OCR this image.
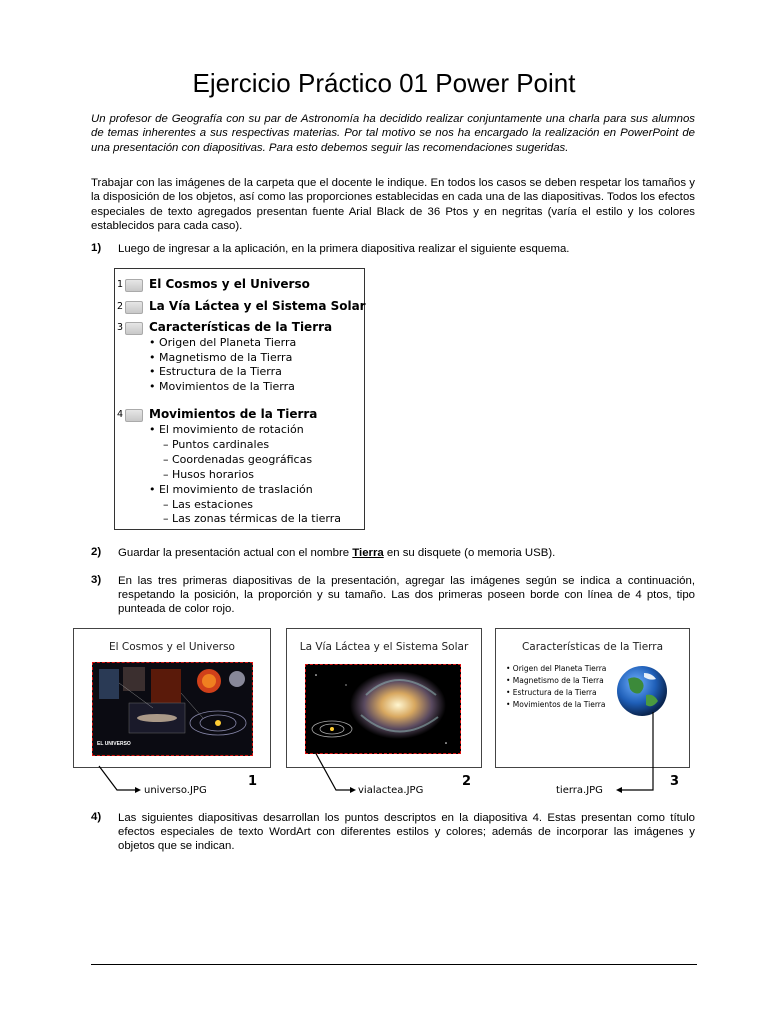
Ejercicio Práctico 01 Power Point
Un profesor de Geografía con su par de Astronomía ha decidido realizar conjuntamente una charla para sus alumnos de temas inherentes a sus respectivas materias. Por tal motivo se nos ha encargado la realización en PowerPoint de una presentación con diapositivas. Para esto debemos seguir las recomendaciones sugeridas.
Trabajar con las imágenes de la carpeta que el docente le indique. En todos los casos se deben respetar los tamaños y la disposición de los objetos, así como las proporciones establecidas en cada una de las diapositivas. Todos los efectos especiales de texto agregados presentan fuente Arial Black de 36 Ptos y en negritas (varía el estilo y los colores establecidos para cada caso).
1) Luego de ingresar a la aplicación, en la primera diapositiva realizar el siguiente esquema.
1 El Cosmos y el Universo
2 La Vía Láctea y el Sistema Solar
3 Características de la Tierra
• Origen del Planeta Tierra
• Magnetismo de la Tierra
• Estructura de la Tierra
• Movimientos de la Tierra
4 Movimientos de la Tierra
• El movimiento de rotación
– Puntos cardinales
– Coordenadas geográficas
– Husos horarios
• El movimiento de traslación
– Las estaciones
– Las zonas térmicas de la tierra
2) Guardar la presentación actual con el nombre Tierra en su disquete (o memoria USB).
3) En las tres primeras diapositivas de la presentación, agregar las imágenes según se indica a continuación, respetando la posición, la proporción y su tamaño. Las dos primeras poseen borde con línea de 4 ptos, tipo punteada de color rojo.
El Cosmos y el Universo
EL UNIVERSO
universo.JPG
1
La Vía Láctea y el Sistema Solar
vialactea.JPG
2
Características de la Tierra
• Origen del Planeta Tierra
• Magnetismo de la Tierra
• Estructura de la Tierra
• Movimientos de la Tierra
tierra.JPG
3
4) Las siguientes diapositivas desarrollan los puntos descriptos en la diapositiva 4. Estas presentan como título efectos especiales de texto WordArt con diferentes estilos y colores; además de incorporar las imágenes y objetos que se indican.
